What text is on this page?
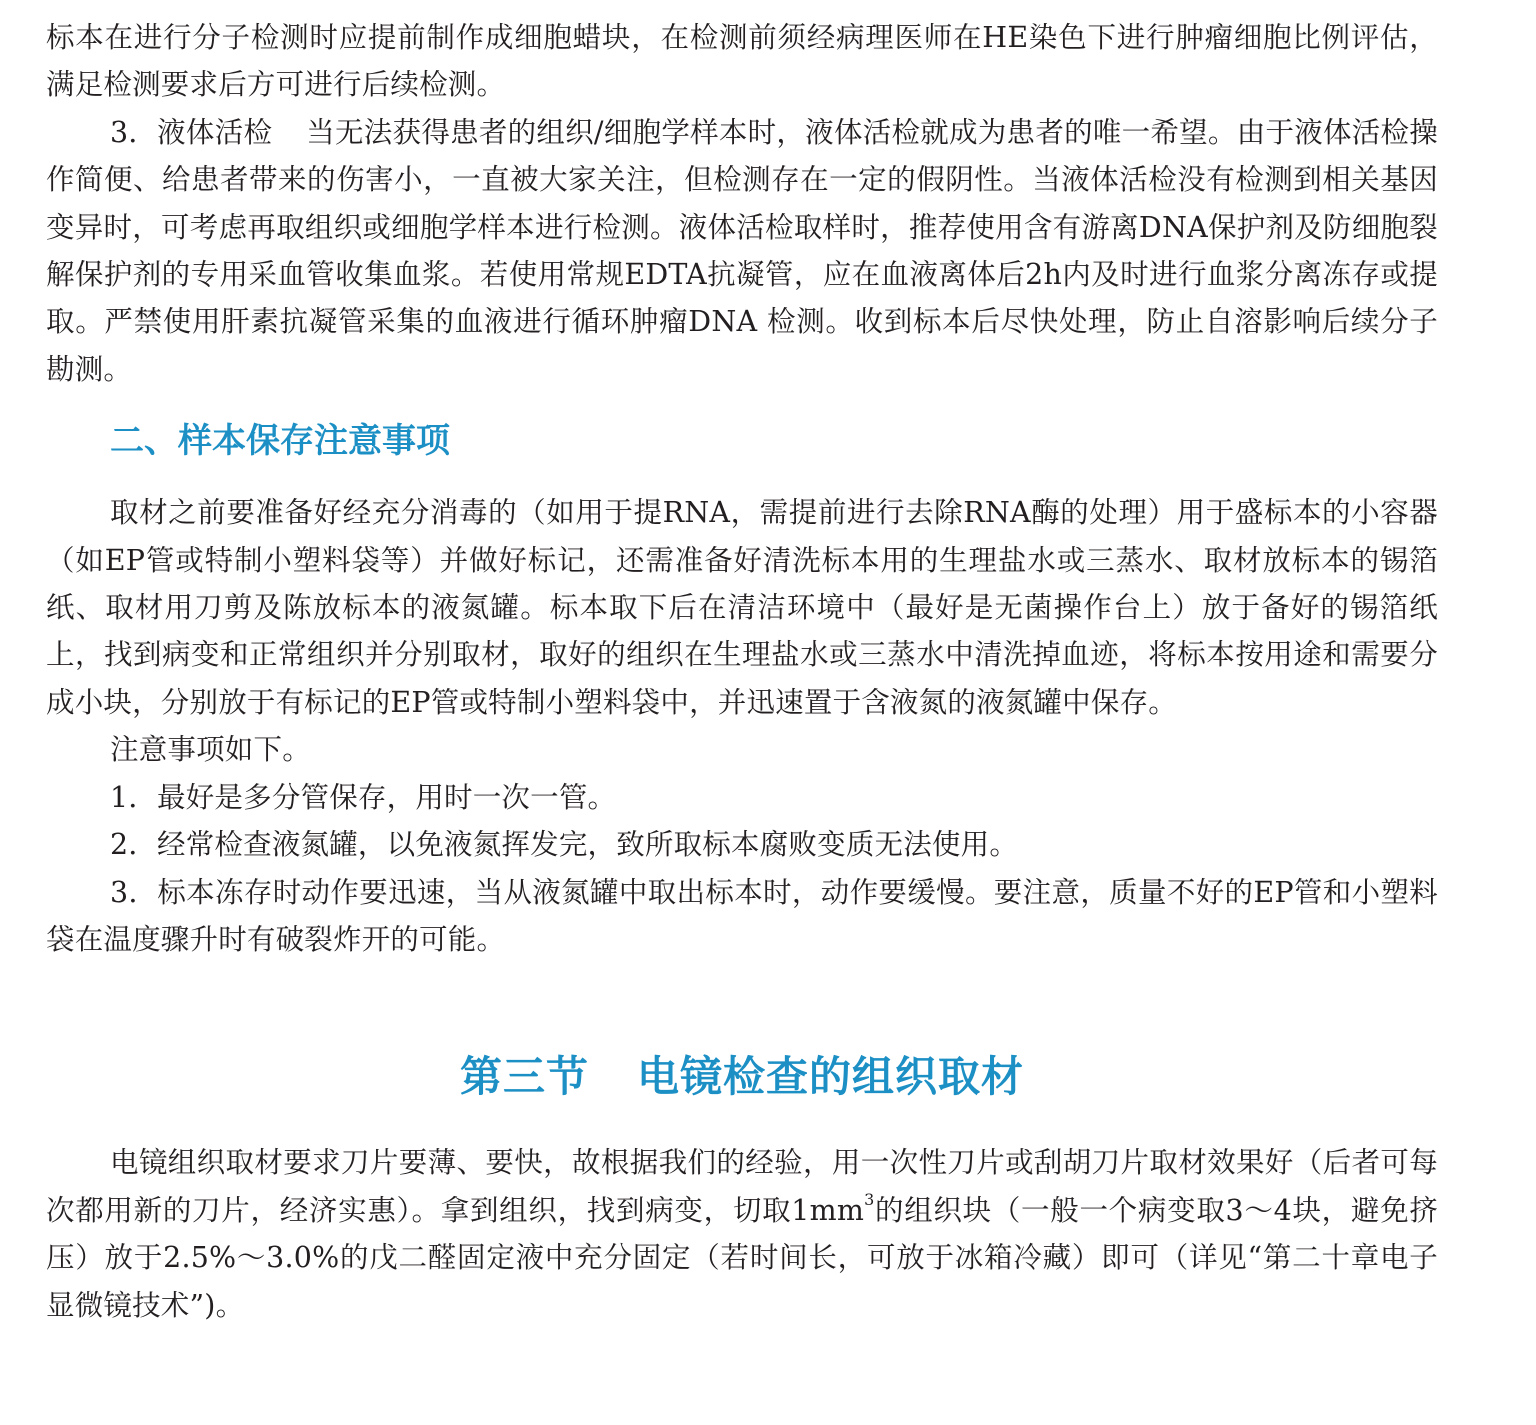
标本在进行分子检测时应提前制作成细胞蜡块，在检测前须经病理医师在HE染色下进行肿瘤细胞比例评估，满足检测要求后方可进行后续检测。

3．液体活检 当无法获得患者的组织/细胞学样本时，液体活检就成为患者的唯一希望。由于液体活检操作简便、给患者带来的伤害小，一直被大家关注，但检测存在一定的假阴性。当液体活检没有检测到相关基因变异时，可考虑再取组织或细胞学样本进行检测。液体活检取样时，推荐使用含有游离DNA保护剂及防细胞裂解保护剂的专用采血管收集血浆。若使用常规EDTA抗凝管，应在血液离体后2h内及时进行血浆分离冻存或提取。严禁使用肝素抗凝管采集的血液进行循环肿瘤DNA 检测。收到标本后尽快处理，防止自溶影响后续分子勘测。

二、样本保存注意事项

取材之前要准备好经充分消毒的（如用于提RNA，需提前进行去除RNA酶的处理）用于盛标本的小容器（如EP管或特制小塑料袋等）并做好标记，还需准备好清洗标本用的生理盐水或三蒸水、取材放标本的锡箔纸、取材用刀剪及陈放标本的液氮罐。标本取下后在清洁环境中（最好是无菌操作台上）放于备好的锡箔纸上，找到病变和正常组织并分别取材，取好的组织在生理盐水或三蒸水中清洗掉血迹，将标本按用途和需要分成小块，分别放于有标记的EP管或特制小塑料袋中，并迅速置于含液氮的液氮罐中保存。

注意事项如下。

1．最好是多分管保存，用时一次一管。

2．经常检查液氮罐，以免液氮挥发完，致所取标本腐败变质无法使用。

3．标本冻存时动作要迅速，当从液氮罐中取出标本时，动作要缓慢。要注意，质量不好的EP管和小塑料袋在温度骤升时有破裂炸开的可能。

第三节 电镜检查的组织取材

电镜组织取材要求刀片要薄、要快，故根据我们的经验，用一次性刀片或刮胡刀片取材效果好（后者可每次都用新的刀片，经济实惠）。拿到组织，找到病变，切取$1mm^3$的组织块（一般一个病变取3～4块，避免挤压）放于2.5%～3.0%的戊二醛固定液中充分固定（若时间长，可放于冰箱冷藏）即可（详见“第二十章电子显微镜技术”)。
